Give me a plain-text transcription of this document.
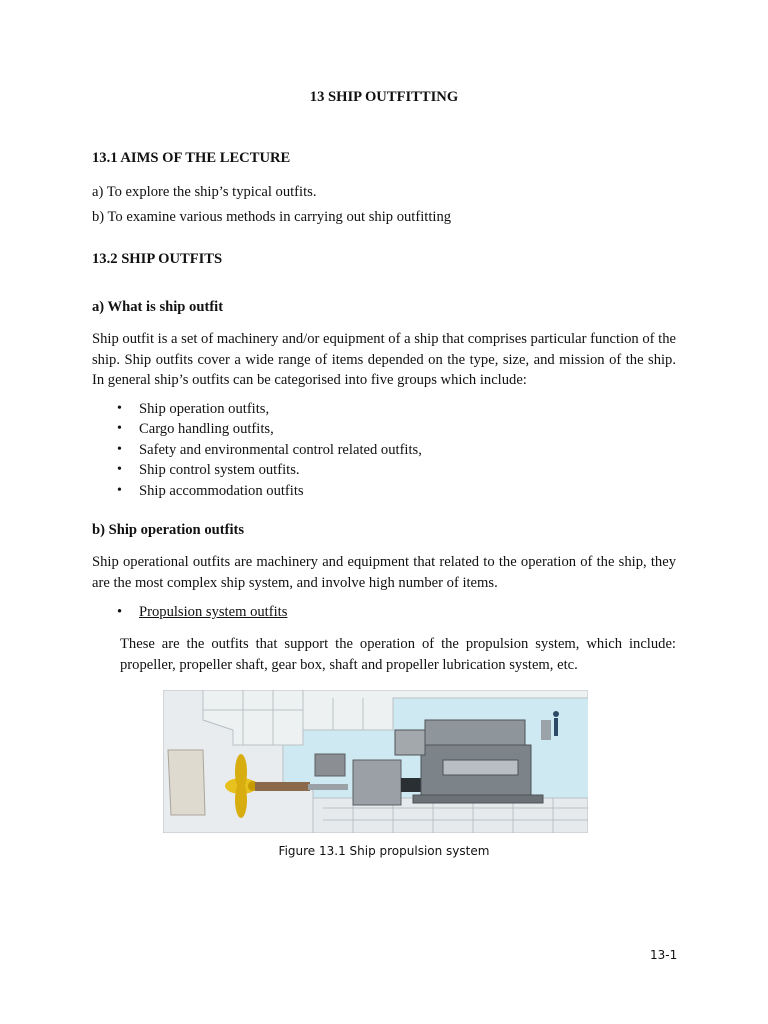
13 SHIP OUTFITTING
13.1 AIMS OF THE LECTURE
a) To explore the ship’s typical outfits.
b) To examine various methods in carrying out ship outfitting
13.2 SHIP OUTFITS
a) What is ship outfit
Ship outfit is a set of machinery and/or equipment of a ship that comprises particular function of the ship. Ship outfits cover a wide range of items depended on the type, size, and mission of the ship. In general ship’s outfits can be categorised into five groups which include:
• Ship operation outfits,
• Cargo handling outfits,
• Safety and environmental control related outfits,
• Ship control system outfits.
• Ship accommodation outfits
b) Ship operation outfits
Ship operational outfits are machinery and equipment that related to the operation of the ship, they are the most complex ship system, and involve high number of items.
• Propulsion system outfits
These are the outfits that support the operation of the propulsion system, which include: propeller, propeller shaft, gear box, shaft and propeller lubrication system, etc.
Figure 13.1 Ship propulsion system
13-1
